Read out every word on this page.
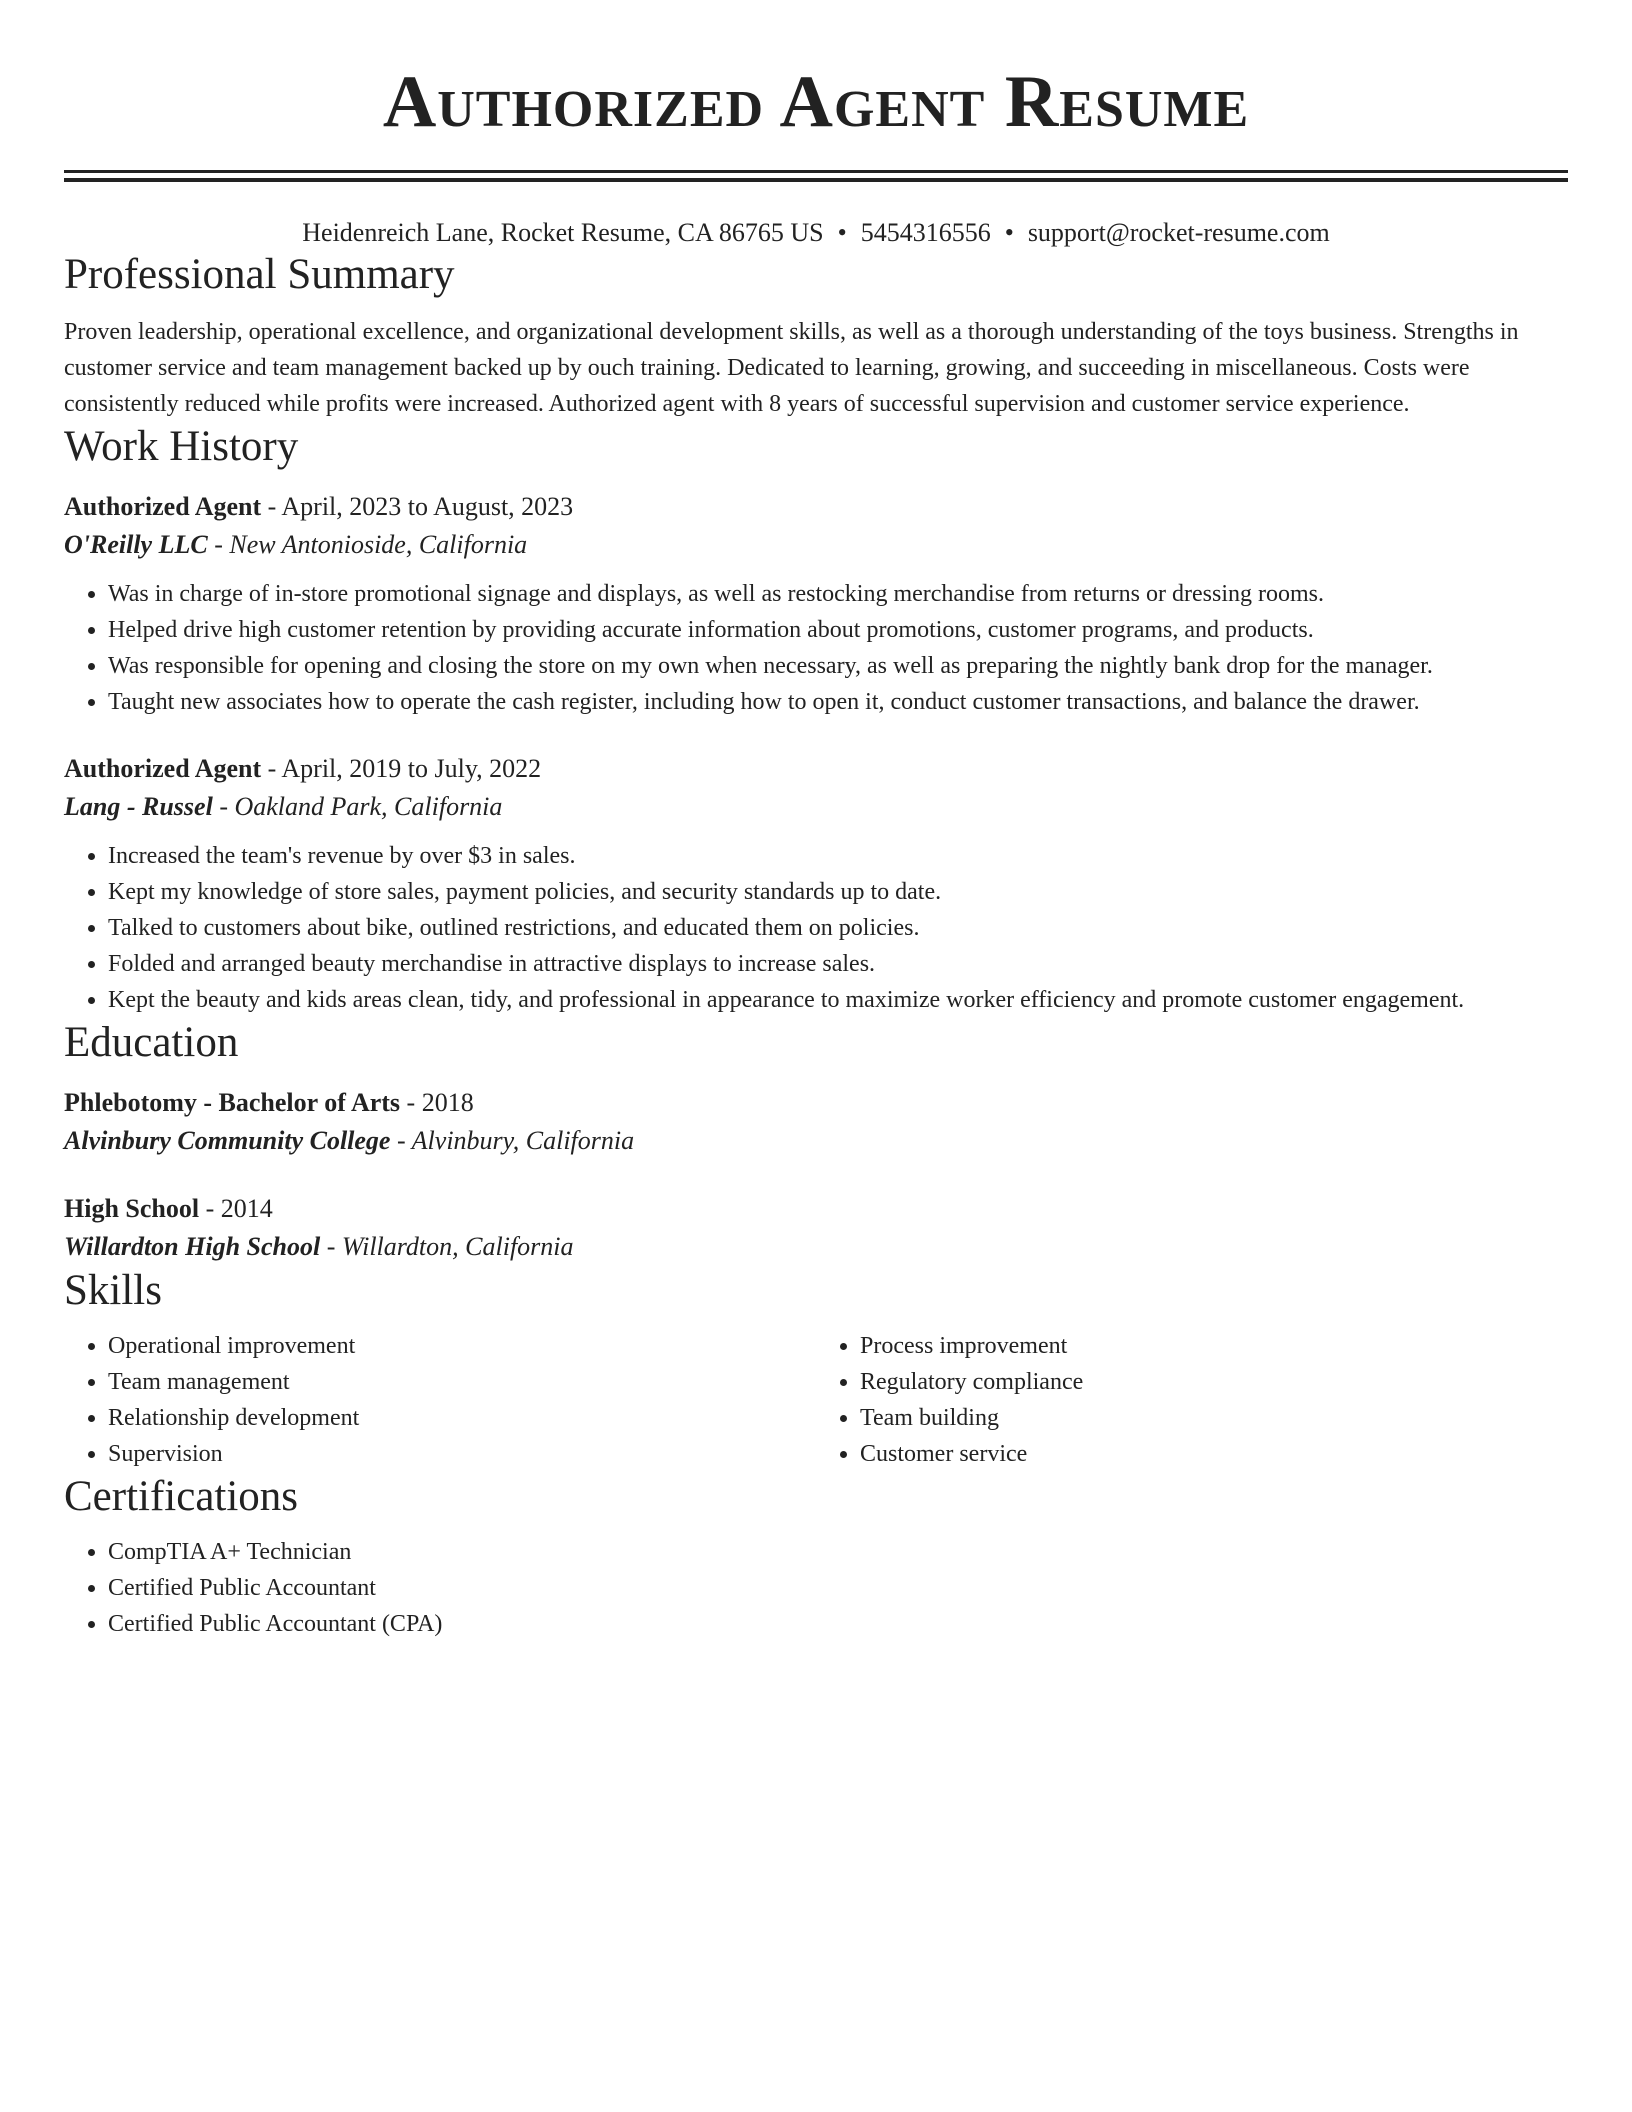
Authorized Agent Resume
Heidenreich Lane, Rocket Resume, CA 86765 US • 5454316556 • support@rocket-resume.com
Professional Summary
Proven leadership, operational excellence, and organizational development skills, as well as a thorough understanding of the toys business. Strengths in customer service and team management backed up by ouch training. Dedicated to learning, growing, and succeeding in miscellaneous. Costs were consistently reduced while profits were increased. Authorized agent with 8 years of successful supervision and customer service experience.
Work History
Authorized Agent - April, 2023 to August, 2023
O'Reilly LLC - New Antonioside, California
• Was in charge of in-store promotional signage and displays, as well as restocking merchandise from returns or dressing rooms.
• Helped drive high customer retention by providing accurate information about promotions, customer programs, and products.
• Was responsible for opening and closing the store on my own when necessary, as well as preparing the nightly bank drop for the manager.
• Taught new associates how to operate the cash register, including how to open it, conduct customer transactions, and balance the drawer.
Authorized Agent - April, 2019 to July, 2022
Lang - Russel - Oakland Park, California
• Increased the team's revenue by over $3 in sales.
• Kept my knowledge of store sales, payment policies, and security standards up to date.
• Talked to customers about bike, outlined restrictions, and educated them on policies.
• Folded and arranged beauty merchandise in attractive displays to increase sales.
• Kept the beauty and kids areas clean, tidy, and professional in appearance to maximize worker efficiency and promote customer engagement.
Education
Phlebotomy - Bachelor of Arts - 2018
Alvinbury Community College - Alvinbury, California
High School - 2014
Willardton High School - Willardton, California
Skills
• Operational improvement
• Team management
• Relationship development
• Supervision
• Process improvement
• Regulatory compliance
• Team building
• Customer service
Certifications
• CompTIA A+ Technician
• Certified Public Accountant
• Certified Public Accountant (CPA)
